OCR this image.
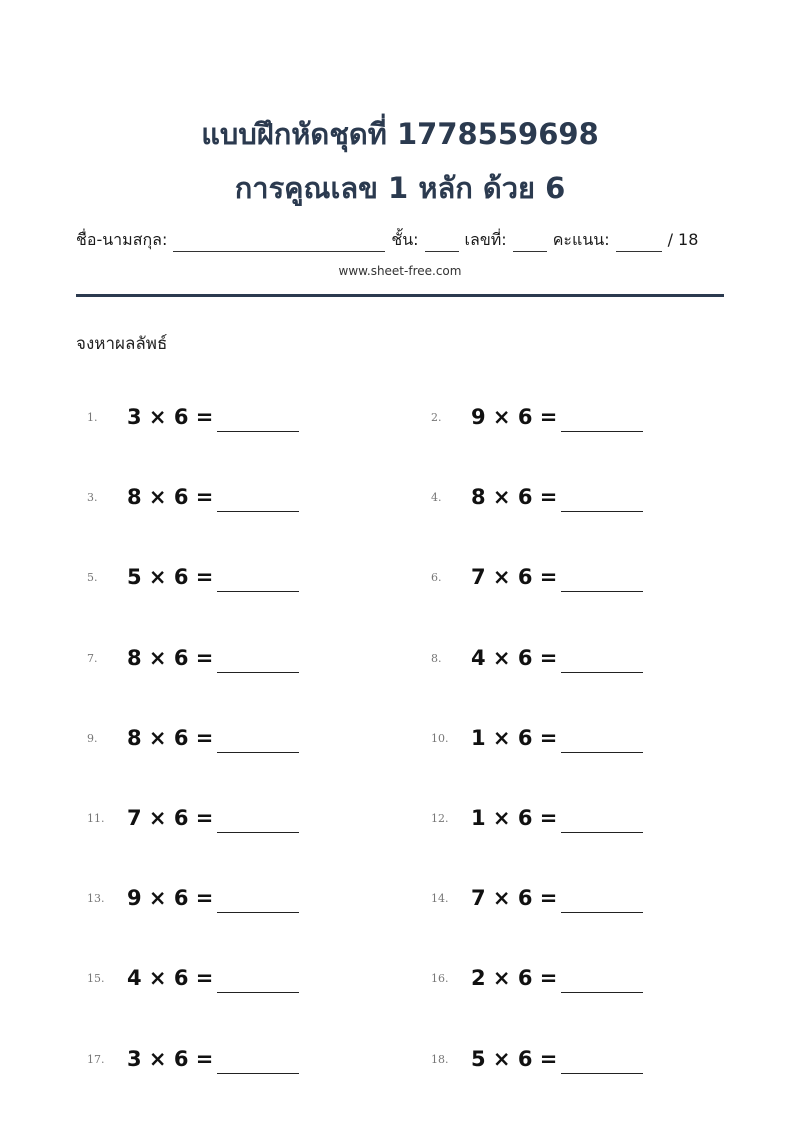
แบบฝึกหัดชุดที่ 1778559698
การคูณเลข 1 หลัก ด้วย 6
ชื่อ-นามสกุล:	ชั้น:	เลขที่:	คะแนน:	/ 18
www.sheet-free.com
จงหาผลลัพธ์
1. 3 × 6 =	2. 9 × 6 =
3. 8 × 6 =	4. 8 × 6 =
5. 5 × 6 =	6. 7 × 6 =
7. 8 × 6 =	8. 4 × 6 =
9. 8 × 6 =	10. 1 × 6 =
11. 7 × 6 =	12. 1 × 6 =
13. 9 × 6 =	14. 7 × 6 =
15. 4 × 6 =	16. 2 × 6 =
17. 3 × 6 =	18. 5 × 6 =
